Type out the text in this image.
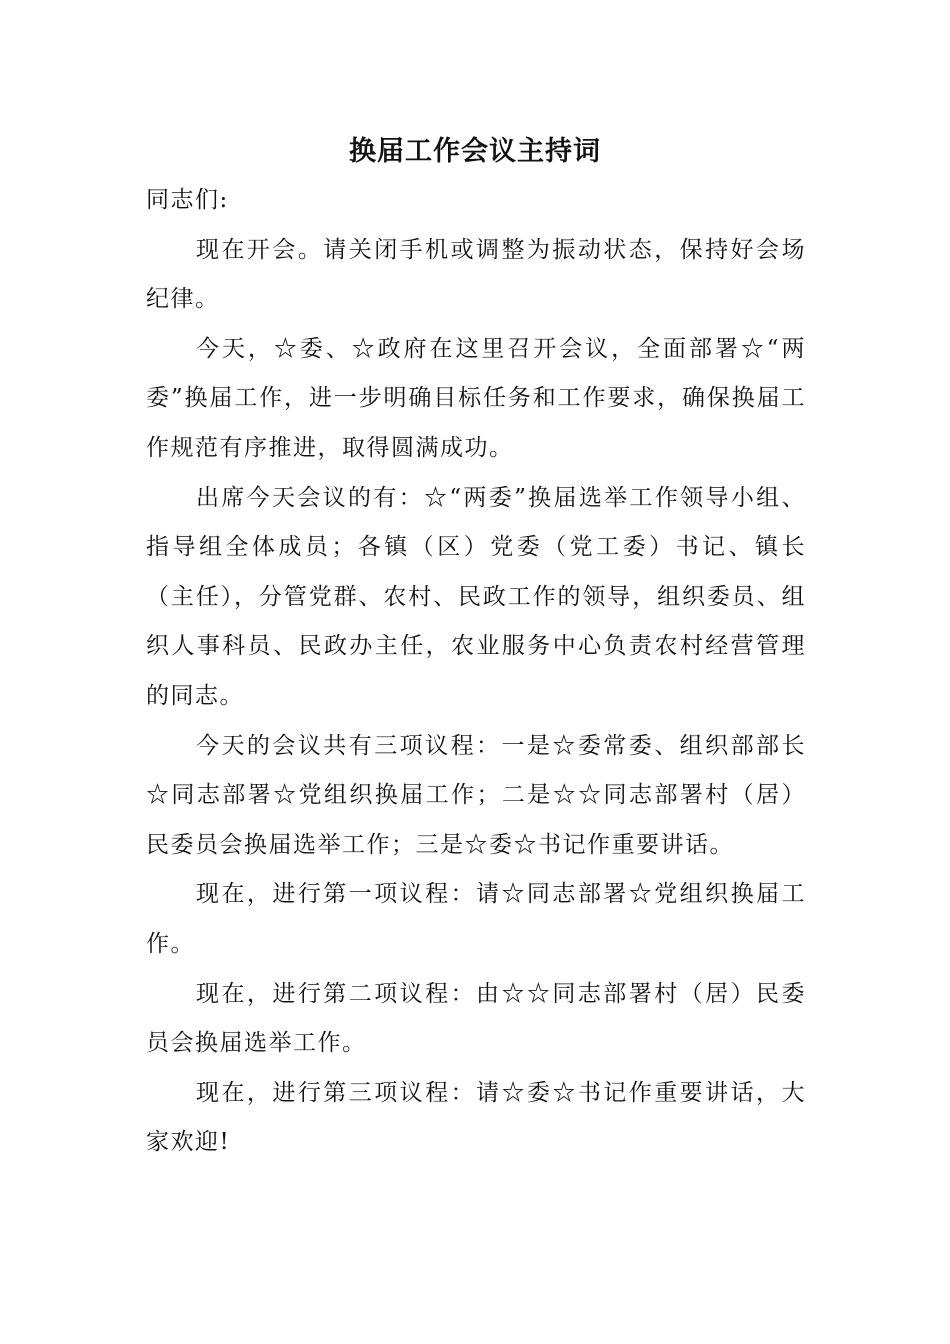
换届工作会议主持词

同志们:

现在开会。请关闭手机或调整为振动状态，保持好会场纪律。

今天，☆委、☆政府在这里召开会议，全面部署☆“两委”换届工作，进一步明确目标任务和工作要求，确保换届工作规范有序推进，取得圆满成功。

出席今天会议的有：☆“两委”换届选举工作领导小组、指导组全体成员；各镇（区）党委（党工委）书记、镇长（主任），分管党群、农村、民政工作的领导，组织委员、组织人事科员、民政办主任，农业服务中心负责农村经营管理的同志。

今天的会议共有三项议程：一是☆委常委、组织部部长☆同志部署☆党组织换届工作；二是☆☆同志部署村（居）民委员会换届选举工作；三是☆委☆书记作重要讲话。

现在，进行第一项议程：请☆同志部署☆党组织换届工作。

现在，进行第二项议程：由☆☆同志部署村（居）民委员会换届选举工作。

现在，进行第三项议程：请☆委☆书记作重要讲话，大家欢迎!
